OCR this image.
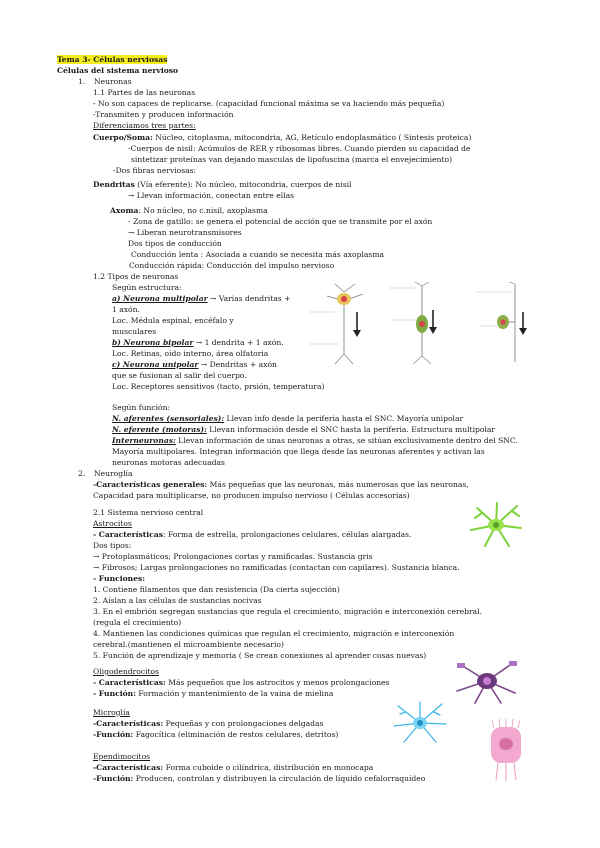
Tema 3- Células nerviosas
Células del sistema nervioso
1. Neuronas
1.1 Partes de las neuronas
- No son capaces de replicarse. (capacidad funcional máxima se va haciendo más pequeña)
-Transmiten y producen información
Diferenciamos tres partes:
Cuerpo/Soma: Núcleo, citoplasma, mitocondria, AG, Retículo endoplasmático ( Síntesis proteica)
-Cuerpos de nisil: Acúmulos de RER y ribosomas libres. Cuando pierden su capacidad de
sintetizar proteínas van dejando masculas de lipofuscina (marca el envejecimiento)
-Dos fibras nerviosas:
Dendritas (Vía eferente): No núcleo, mitocondria, cuerpos de nisil
→ Llevan información, conectan entre ellas
Axoma: No núcleo, no c.nisil, axoplasma
- Zona de gatillo: se genera el potencial de acción que se transmite por el axón
→ Liberan neurotransmisores
Dos tipos de conducción
Conducción lenta : Asociada a cuando se necesita más axoplasma
Conducción rápida: Conducción del impulso nervioso
1.2 Tipos de neuronas
Según estructura:
a) Neurona multipolar → Varias dendritas +
1 axón.
Loc. Médula espinal, encéfalo y
musculares
b) Neurona bipolar → 1 dendrita + 1 axón.
Loc. Retinas, oído interno, área olfatoria
c) Neurona unipolar → Dendritas + axón
que se fusionan al salir del cuerpo.
Loc. Receptores sensitivos (tacto, prsión, temperatura)
Según función:
N. aferentes (sensoriales): Llevan info desde la periferia hasta el SNC. Mayoría unipolar
N. eferente (motoras): Llevan información desde el SNC hasta la periferia. Estructura multipolar
Interneuronas: Llevan información de unas neuronas a otras, se sitúan exclusivamente dentro del SNC.
Mayoría multipolares. Integran información que llega desde las neuronas aferentes y activan las
neuronas motoras adecuadas
2. Neuroglía
-Características generales: Más pequeñas que las neuronas, más numerosas que las neuronas,
Capacidad para multiplicarse, no producen impulso nervioso ( Células accesorias)
2.1 Sistema nervioso central
Astrocitos
- Características: Forma de estrella, prolongaciones celulares, células alargadas.
Dos tipos:
→ Protoplasmáticos; Prolongaciones cortas y ramificadas. Sustancia gris
→ Fibrosos; Largas prolongaciones no ramificadas (contactan con capilares). Sustancia blanca.
- Funciones:
1. Contiene filamentos que dan resistencia (Da cierta sujección)
2. Aíslan a las células de sustancias nocivas
3. En el embrión segregan sustancias que regula el crecimiento, migración e interconexión cerebral.
(regula el crecimiento)
4. Mantienen las condiciones químicas que regulan el crecimiento, migración e interconexión
cerebral.(mantienen el microambiente necesario)
5. Función de aprendizaje y memoria ( Se crean conexiones al aprender cosas nuevas)
Oligodendrocitos
- Características: Más pequeños que los astrocitos y menos prolongaciones
- Función: Formación y mantenimiento de la vaina de mielina
Microglía
-Características: Pequeñas y con prolongaciones delgadas
-Función: Fagocítica (eliminación de restos celulares, detritos)
Ependimocitos
-Características: Forma cuboide o cilíndrica, distribución en monocapa
-Función: Producen, controlan y distribuyen la circulación de líquido cefalorraquídeo
